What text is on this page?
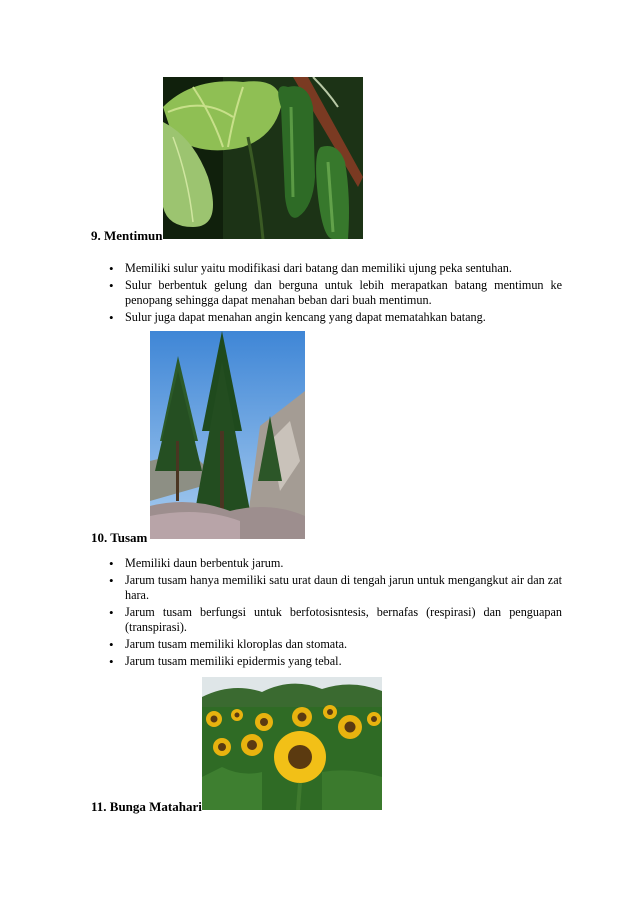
9. Mentimun
• Memiliki sulur yaitu modifikasi dari batang dan memiliki ujung peka sentuhan.
• Sulur berbentuk gelung dan berguna untuk lebih merapatkan batang mentimun ke penopang sehingga dapat menahan beban dari buah mentimun.
• Sulur juga dapat menahan angin kencang yang dapat mematahkan batang.
10. Tusam
• Memiliki daun berbentuk jarum.
• Jarum tusam hanya memiliki satu urat daun di tengah jarun untuk mengangkut air dan zat hara.
• Jarum tusam berfungsi untuk berfotosisntesis, bernafas (respirasi) dan penguapan (transpirasi).
• Jarum tusam memiliki kloroplas dan stomata.
• Jarum tusam memiliki epidermis yang tebal.
11. Bunga Matahari
